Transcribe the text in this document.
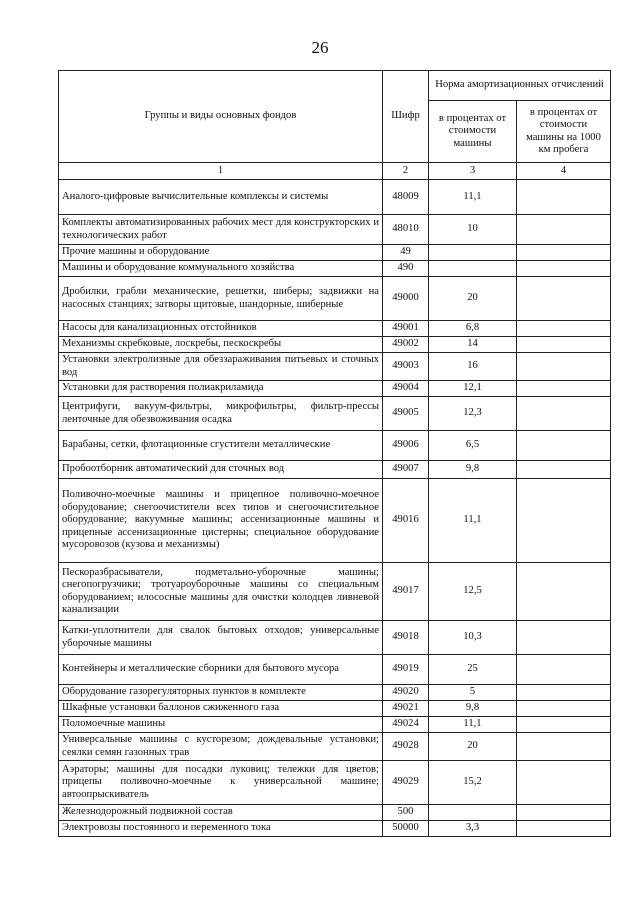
26
Группы и виды основных фондов	Шифр	Норма амортизационных отчислений	
		в процентах от стоимости машины	в процентах от стоимости машины на 1000 км пробега
1	2	3	4
Аналого-цифровые вычислительные комплексы и системы	48009	11,1	
Комплекты автоматизированных рабочих мест для конструкторских и технологических работ	48010	10	
Прочие машины и оборудование	49		
Машины и оборудование коммунального хозяйства	490		
Дробилки, грабли механические, решетки, шиберы; задвижки на насосных станциях; затворы щитовые, шандорные, шиберные	49000	20	
Насосы для канализационных отстойников	49001	6,8	
Механизмы скребковые, лоскребы, пескоскребы	49002	14	
Установки электролизные для обеззараживания питьевых и сточных вод	49003	16	
Установки для растворения полиакриламида	49004	12,1	
Центрифуги, вакуум-фильтры, микрофильтры, фильтр-прессы ленточные для обезвоживания осадка	49005	12,3	
Барабаны, сетки, флотационные сгустители металлические	49006	6,5	
Пробоотборник автоматический для сточных вод	49007	9,8	
Поливочно-моечные машины и прицепное поливочно-моечное оборудование; снегоочистители всех типов и снегоочистительное оборудование; вакуумные машины; ассенизационные машины и прицепные ассенизационные цистерны; специальное оборудование мусоровозов (кузова и механизмы)	49016	11,1	
Пескоразбрасыватели, подметально-уборочные машины; снегопогрузчики; тротуароуборочные машины со специальным оборудованием; илососные машины для очистки колодцев ливневой канализации	49017	12,5	
Катки-уплотнители для свалок бытовых отходов; универсальные уборочные машины	49018	10,3	
Контейнеры и металлические сборники для бытового мусора	49019	25	
Оборудование газорегуляторных пунктов в комплекте	49020	5	
Шкафные установки баллонов сжиженного газа	49021	9,8	
Поломоечные машины	49024	11,1	
Универсальные машины с кусторезом; дождевальные установки; сеялки семян газонных трав	49028	20	
Аэраторы; машины для посадки луковиц; тележки для цветов; прицепы поливочно-моечные к универсальной машине; автоопрыскиватель	49029	15,2	
Железнодорожный подвижной состав	500		
Электровозы постоянного и переменного тока	50000	3,3	
